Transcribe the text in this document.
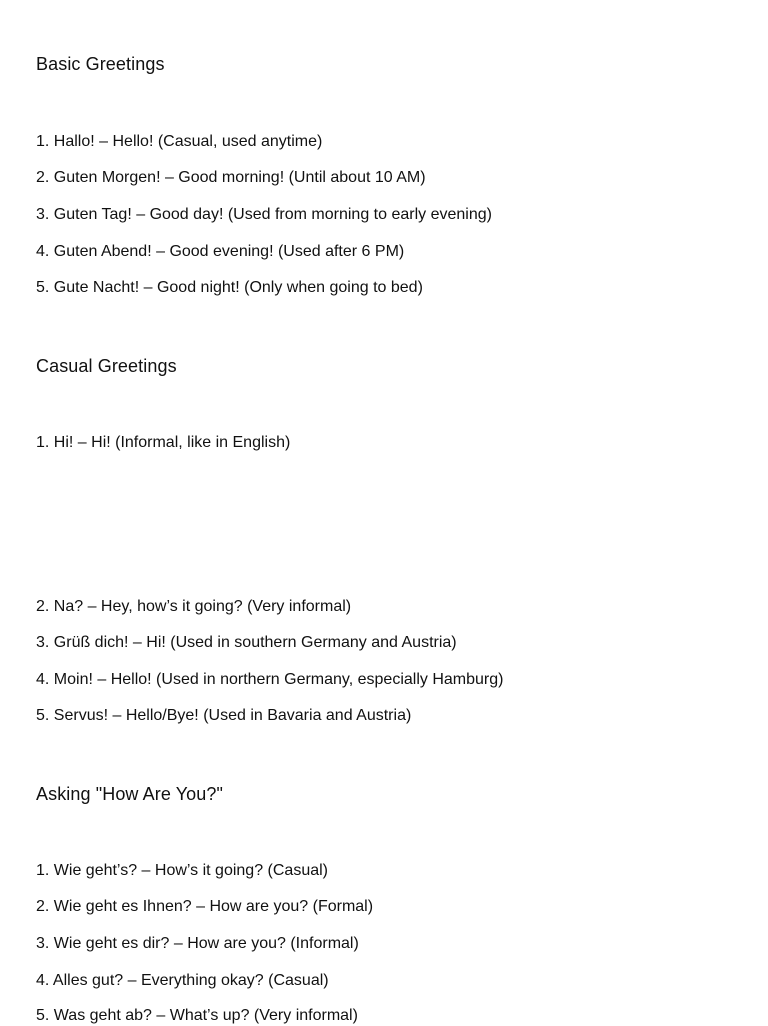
Basic Greetings
1. Hallo! – Hello! (Casual, used anytime)
2. Guten Morgen! – Good morning! (Until about 10 AM)
3. Guten Tag! – Good day! (Used from morning to early evening)
4. Guten Abend! – Good evening! (Used after 6 PM)
5. Gute Nacht! – Good night! (Only when going to bed)
Casual Greetings
1. Hi! – Hi! (Informal, like in English)
2. Na? – Hey, how’s it going? (Very informal)
3. Grüß dich! – Hi! (Used in southern Germany and Austria)
4. Moin! – Hello! (Used in northern Germany, especially Hamburg)
5. Servus! – Hello/Bye! (Used in Bavaria and Austria)
Asking "How Are You?"
1. Wie geht’s? – How’s it going? (Casual)
2. Wie geht es Ihnen? – How are you? (Formal)
3. Wie geht es dir? – How are you? (Informal)
4. Alles gut? – Everything okay? (Casual)
5. Was geht ab? – What’s up? (Very informal)
